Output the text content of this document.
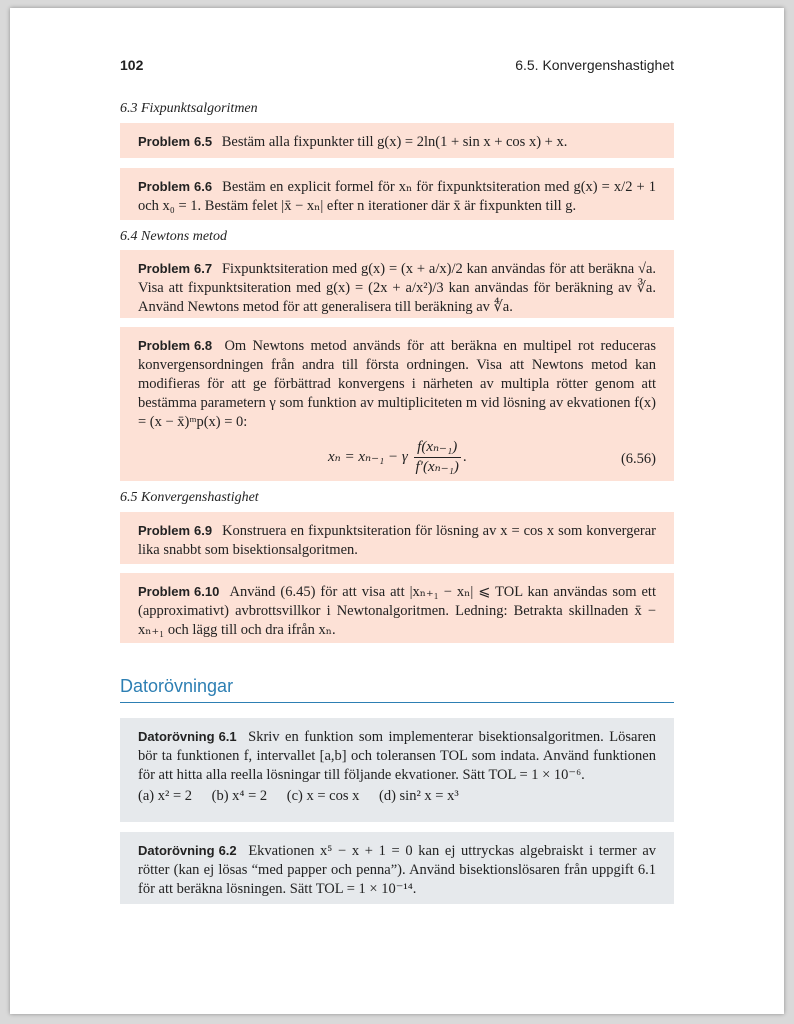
102	6.5. Konvergenshastighet
6.3 Fixpunktsalgoritmen
Problem 6.5 Bestäm alla fixpunkter till g(x) = 2ln(1 + sin x + cos x) + x.
Problem 6.6 Bestäm en explicit formel för xₙ för fixpunktsiteration med g(x) = x/2 + 1 och x₀ = 1. Bestäm felet |x̄ − xₙ| efter n iterationer där x̄ är fixpunkten till g.
6.4 Newtons metod
Problem 6.7 Fixpunktsiteration med g(x) = (x + a/x)/2 kan användas för att beräkna √a. Visa att fixpunktsiteration med g(x) = (2x + a/x²)/3 kan användas för beräkning av ∛a. Använd Newtons metod för att generalisera till beräkning av ∜a.
Problem 6.8 Om Newtons metod används för att beräkna en multipel rot reduceras konvergensordningen från andra till första ordningen. Visa att Newtons metod kan modifieras för att ge förbättrad konvergens i närheten av multipla rötter genom att bestämma parametern γ som funktion av multipliciteten m vid lösning av ekvationen f(x) = (x − x̄)ᵐp(x) = 0:
xₙ = xₙ₋₁ − γ $\frac{\text{f(xₙ₋₁)}}{\text{f′(xₙ₋₁)}}$ .	(6.56)
6.5 Konvergenshastighet
Problem 6.9 Konstruera en fixpunktsiteration för lösning av x = cos x som konvergerar lika snabbt som bisektionsalgoritmen.
Problem 6.10 Använd (6.45) för att visa att |xₙ₊₁ − xₙ| ⩽ TOL kan användas som ett (approximativt) avbrottsvillkor i Newtonalgoritmen. Ledning: Betrakta skillnaden x̄ − xₙ₊₁ och lägg till och dra ifrån xₙ.
Datorövningar
Datorövning 6.1 Skriv en funktion som implementerar bisektionsalgoritmen. Lösaren bör ta funktionen f, intervallet [a,b] och toleransen TOL som indata. Använd funktionen för att hitta alla reella lösningar till följande ekvationer. Sätt TOL = 1 × 10⁻⁶.
(a) x² = 2 (b) x⁴ = 2 (c) x = cos x (d) sin² x = x³
Datorövning 6.2 Ekvationen x⁵ − x + 1 = 0 kan ej uttryckas algebraiskt i termer av rötter (kan ej lösas “med papper och penna”). Använd bisektionslösaren från uppgift 6.1 för att beräkna lösningen. Sätt TOL = 1 × 10⁻¹⁴.
